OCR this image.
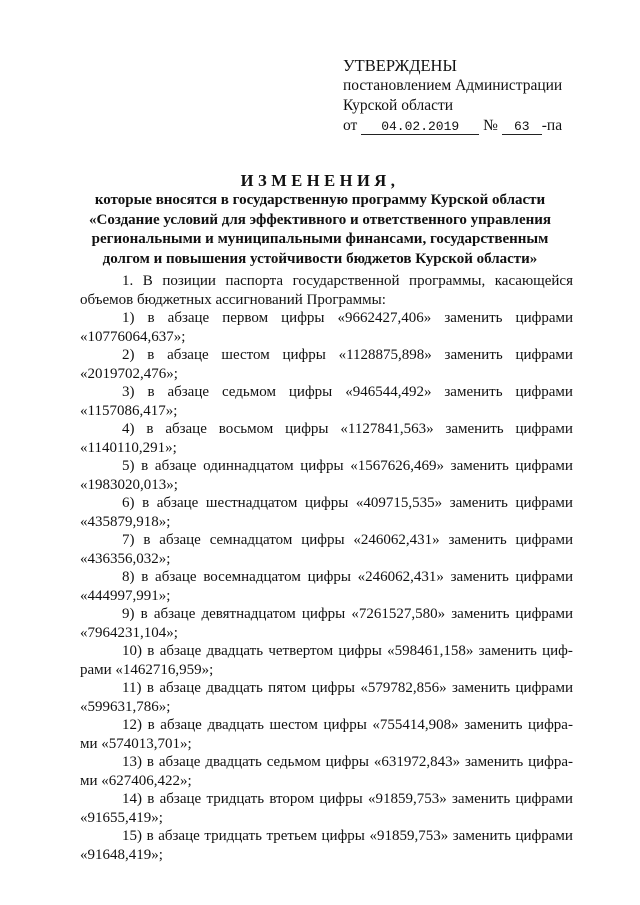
УТВЕРЖДЕНЫ
постановлением Администрации
Курской области
от 04.02.2019 № 63 -па
ИЗМЕНЕНИЯ,
которые вносятся в государственную программу Курской области
«Создание условий для эффективного и ответственного управления
региональными и муниципальными финансами, государственным
долгом и повышения устойчивости бюджетов Курской области»
1. В позиции паспорта государственной программы, касающейся
объемов бюджетных ассигнований Программы:
1) в абзаце первом цифры «9662427,406» заменить цифрами
«10776064,637»;
2) в абзаце шестом цифры «1128875,898» заменить цифрами
«2019702,476»;
3) в абзаце седьмом цифры «946544,492» заменить цифрами
«1157086,417»;
4) в абзаце восьмом цифры «1127841,563» заменить цифрами
«1140110,291»;
5) в абзаце одиннадцатом цифры «1567626,469» заменить цифрами
«1983020,013»;
6) в абзаце шестнадцатом цифры «409715,535» заменить цифрами
«435879,918»;
7) в абзаце семнадцатом цифры «246062,431» заменить цифрами
«436356,032»;
8) в абзаце восемнадцатом цифры «246062,431» заменить цифрами
«444997,991»;
9) в абзаце девятнадцатом цифры «7261527,580» заменить цифрами
«7964231,104»;
10) в абзаце двадцать четвертом цифры «598461,158» заменить циф-
рами «1462716,959»;
11) в абзаце двадцать пятом цифры «579782,856» заменить цифрами
«599631,786»;
12) в абзаце двадцать шестом цифры «755414,908» заменить цифра-
ми «574013,701»;
13) в абзаце двадцать седьмом цифры «631972,843» заменить цифра-
ми «627406,422»;
14) в абзаце тридцать втором цифры «91859,753» заменить цифрами
«91655,419»;
15) в абзаце тридцать третьем цифры «91859,753» заменить цифрами
«91648,419»;
